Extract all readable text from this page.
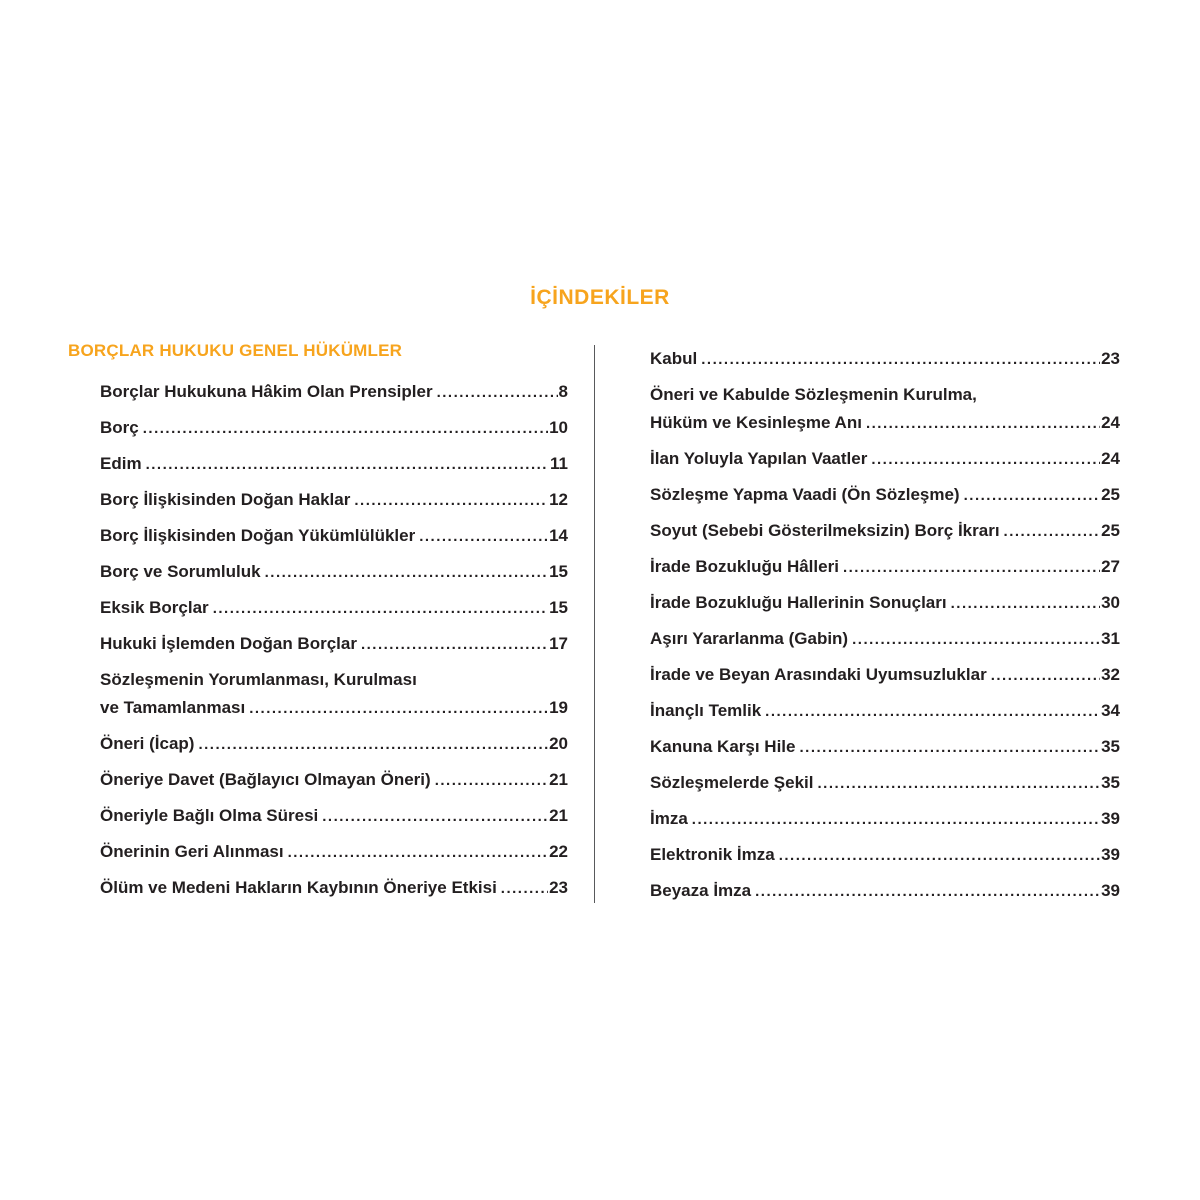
İÇİNDEKİLER
BORÇLAR HUKUKU GENEL HÜKÜMLER
Borçlar Hukukuna Hâkim Olan Prensipler .....	8
Borç .....	10
Edim .....	11
Borç İlişkisinden Doğan Haklar .....	12
Borç İlişkisinden Doğan Yükümlülükler .....	14
Borç ve Sorumluluk .....	15
Eksik Borçlar .....	15
Hukuki İşlemden Doğan Borçlar .....	17
Sözleşmenin Yorumlanması, Kurulması
ve Tamamlanması .....	19
Öneri (İcap) .....	20
Öneriye Davet (Bağlayıcı Olmayan Öneri) .....	21
Öneriyle Bağlı Olma Süresi .....	21
Önerinin Geri Alınması .....	22
Ölüm ve Medeni Hakların Kaybının Öneriye Etkisi .....	23
Kabul .....	23
Öneri ve Kabulde Sözleşmenin Kurulma,
Hüküm ve Kesinleşme Anı .....	24
İlan Yoluyla Yapılan Vaatler .....	24
Sözleşme Yapma Vaadi (Ön Sözleşme) .....	25
Soyut (Sebebi Gösterilmeksizin) Borç İkrarı .....	25
İrade Bozukluğu Hâlleri .....	27
İrade Bozukluğu Hallerinin Sonuçları .....	30
Aşırı Yararlanma (Gabin) .....	31
İrade ve Beyan Arasındaki Uyumsuzluklar .....	32
İnançlı Temlik .....	34
Kanuna Karşı Hile .....	35
Sözleşmelerde Şekil .....	35
İmza .....	39
Elektronik İmza .....	39
Beyaza İmza .....	39
